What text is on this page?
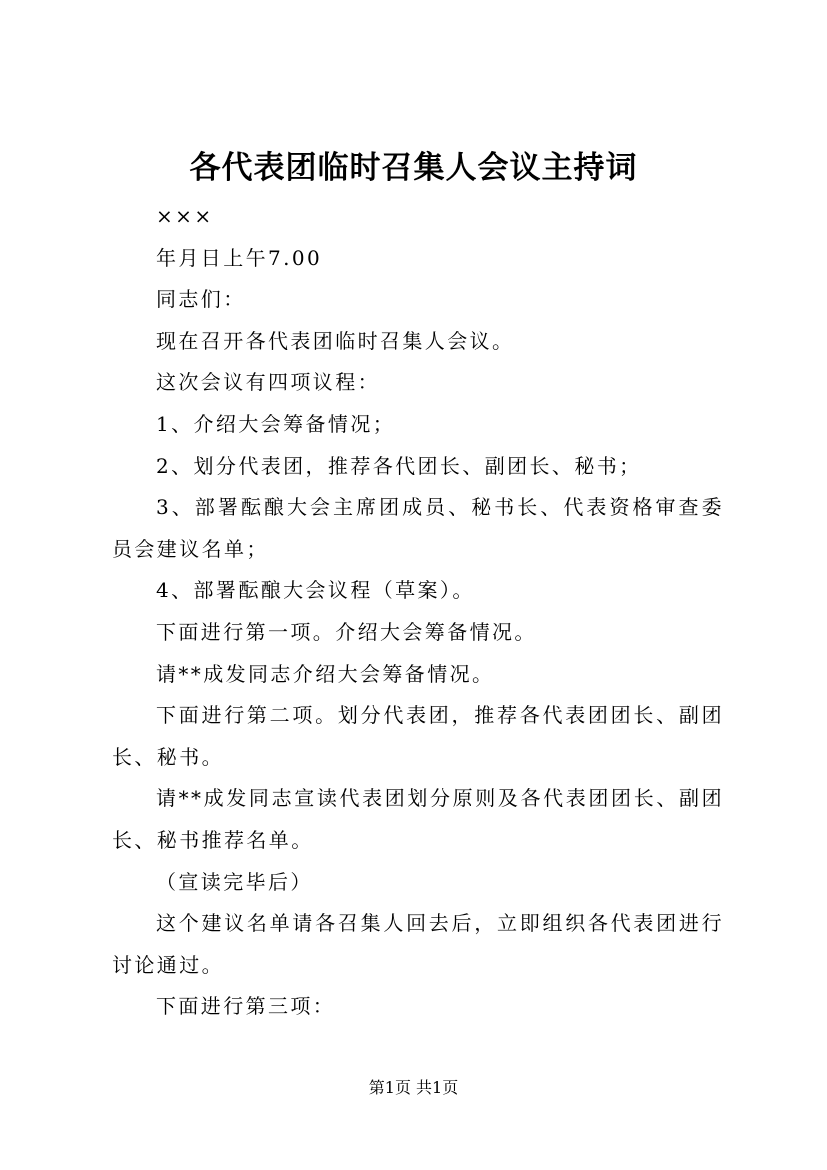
各代表团临时召集人会议主持词

×××

年月日上午7.00

同志们：

现在召开各代表团临时召集人会议。

这次会议有四项议程：

1、介绍大会筹备情况；

2、划分代表团，推荐各代团长、副团长、秘书；

3、部署酝酿大会主席团成员、秘书长、代表资格审查委员会建议名单；

4、部署酝酿大会议程（草案）。

下面进行第一项。介绍大会筹备情况。

请**成发同志介绍大会筹备情况。

下面进行第二项。划分代表团，推荐各代表团团长、副团长、秘书。

请**成发同志宣读代表团划分原则及各代表团团长、副团长、秘书推荐名单。

（宣读完毕后）

这个建议名单请各召集人回去后，立即组织各代表团进行讨论通过。

下面进行第三项：

第1页 共1页
